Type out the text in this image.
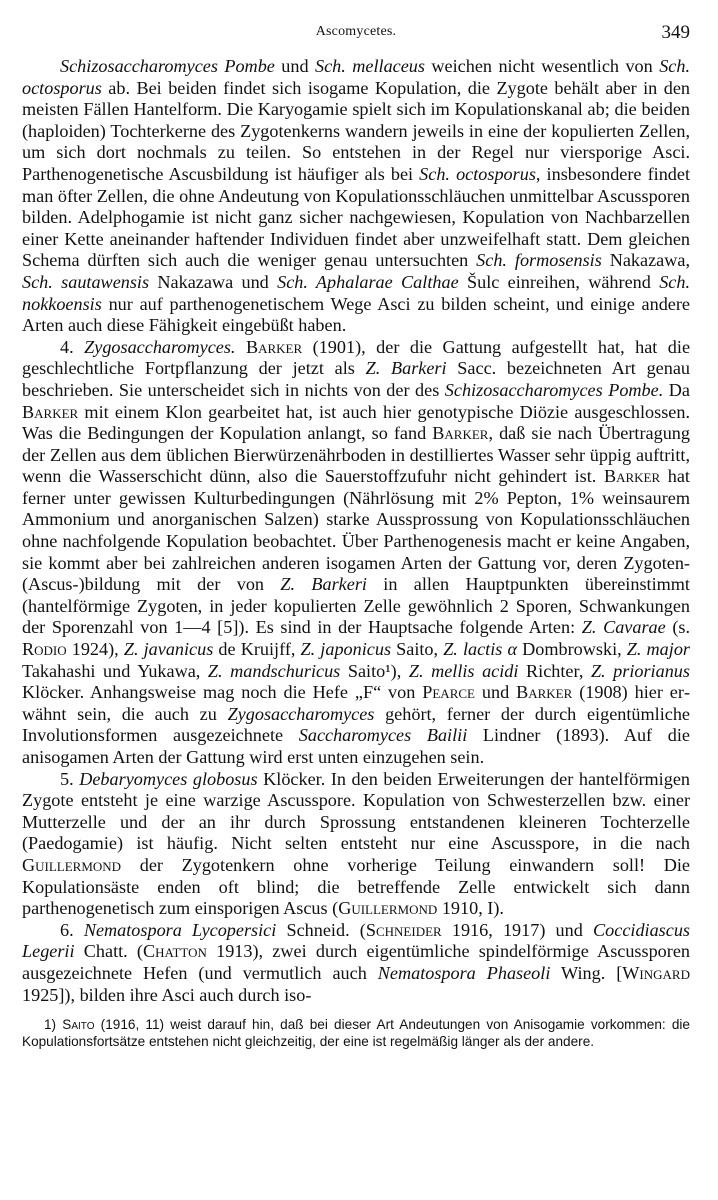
Ascomycetes.	349

Schizosaccharomyces Pombe und Sch. mellaceus weichen nicht wesentlich von Sch. octosporus ab. Bei beiden findet sich isogame Kopulation, die Zygote behält aber in den meisten Fällen Hantelform. Die Karyogamie spielt sich im Kopulationskanal ab; die beiden (haploiden) Tochterkerne des Zygotenkerns wandern jeweils in eine der kopulierten Zellen, um sich dort nochmals zu teilen. So entstehen in der Regel nur viersporige Asci. Parthenogenetische Ascusbildung ist häufiger als bei Sch. octosporus, insbesondere findet man öfter Zellen, die ohne Andeutung von Kopulationsschläuchen unmittelbar Ascussporen bilden. Adelphogamie ist nicht ganz sicher nachgewiesen, Kopulation von Nachbarzellen einer Kette aneinander haftender Individuen findet aber unzweifelhaft statt. Dem gleichen Schema dürften sich auch die weniger genau untersuchten Sch. formosensis Nakazawa, Sch. sautawensis Nakazawa und Sch. Aphalarae Calthae Šulc einreihen, während Sch. nokkoensis nur auf parthenogenetischem Wege Asci zu bilden scheint, und einige andere Arten auch diese Fähigkeit eingebüßt haben.

4. Zygosaccharomyces. Barker (1901), der die Gattung aufgestellt hat, hat die geschlechtliche Fortpflanzung der jetzt als Z. Barkeri Sacc. bezeichneten Art genau beschrieben. Sie unterscheidet sich in nichts von der des Schizosaccharomyces Pombe. Da Barker mit einem Klon gearbeitet hat, ist auch hier genotypische Diözie ausgeschlossen. Was die Bedingungen der Kopulation anlangt, so fand Barker, daß sie nach Übertragung der Zellen aus dem üblichen Bierwürzenährboden in destilliertes Wasser sehr üppig auftritt, wenn die Wasserschicht dünn, also die Sauerstoffzufuhr nicht gehindert ist. Barker hat ferner unter gewissen Kulturbedingungen (Nährlösung mit 2% Pepton, 1% weinsaurem Ammonium und anorganischen Salzen) starke Aussprossung von Kopulationsschläuchen ohne nachfolgende Kopulation beobachtet. Über Parthenogenesis macht er keine Angaben, sie kommt aber bei zahlreichen anderen isogamen Arten der Gattung vor, deren Zygoten-(Ascus-)bildung mit der von Z. Barkeri in allen Hauptpunkten übereinstimmt (hantelförmige Zygoten, in jeder kopulierten Zelle gewöhnlich 2 Sporen, Schwankungen der Sporenzahl von 1—4 [5]). Es sind in der Hauptsache folgende Arten: Z. Cavarae (s. Rodio 1924), Z. javanicus de Kruijff, Z. japonicus Saito, Z. lactis α Dombrowski, Z. major Takahashi und Yukawa, Z. mandschuricus Saito¹), Z. mellis acidi Richter, Z. priorianus Klöcker. Anhangsweise mag noch die Hefe „F“ von Pearce und Barker (1908) hier erwähnt sein, die auch zu Zygosaccharomyces gehört, ferner der durch eigentümliche Involutionsformen ausgezeichnete Saccharomyces Bailii Lindner (1893). Auf die anisogamen Arten der Gattung wird erst unten einzugehen sein.

5. Debaryomyces globosus Klöcker. In den beiden Erweiterungen der hantelförmigen Zygote entsteht je eine warzige Ascusspore. Kopulation von Schwesterzellen bzw. einer Mutterzelle und der an ihr durch Sprossung entstandenen kleineren Tochterzelle (Paedogamie) ist häufig. Nicht selten entsteht nur eine Ascusspore, in die nach Guillermond der Zygotenkern ohne vorherige Teilung einwandern soll! Die Kopulationsäste enden oft blind; die betreffende Zelle entwickelt sich dann parthenogenetisch zum einsporigen Ascus (Guillermond 1910, I).

6. Nematospora Lycopersici Schneid. (Schneider 1916, 1917) und Coccidiascus Legerii Chatt. (Chatton 1913), zwei durch eigentümliche spindelförmige Ascussporen ausgezeichnete Hefen (und vermutlich auch Nematospora Phaseoli Wing. [Wingard 1925]), bilden ihre Asci auch durch iso-

1) Saito (1916, 11) weist darauf hin, daß bei dieser Art Andeutungen von Anisogamie vorkommen: die Kopulationsfortsätze entstehen nicht gleichzeitig, der eine ist regelmäßig länger als der andere.
